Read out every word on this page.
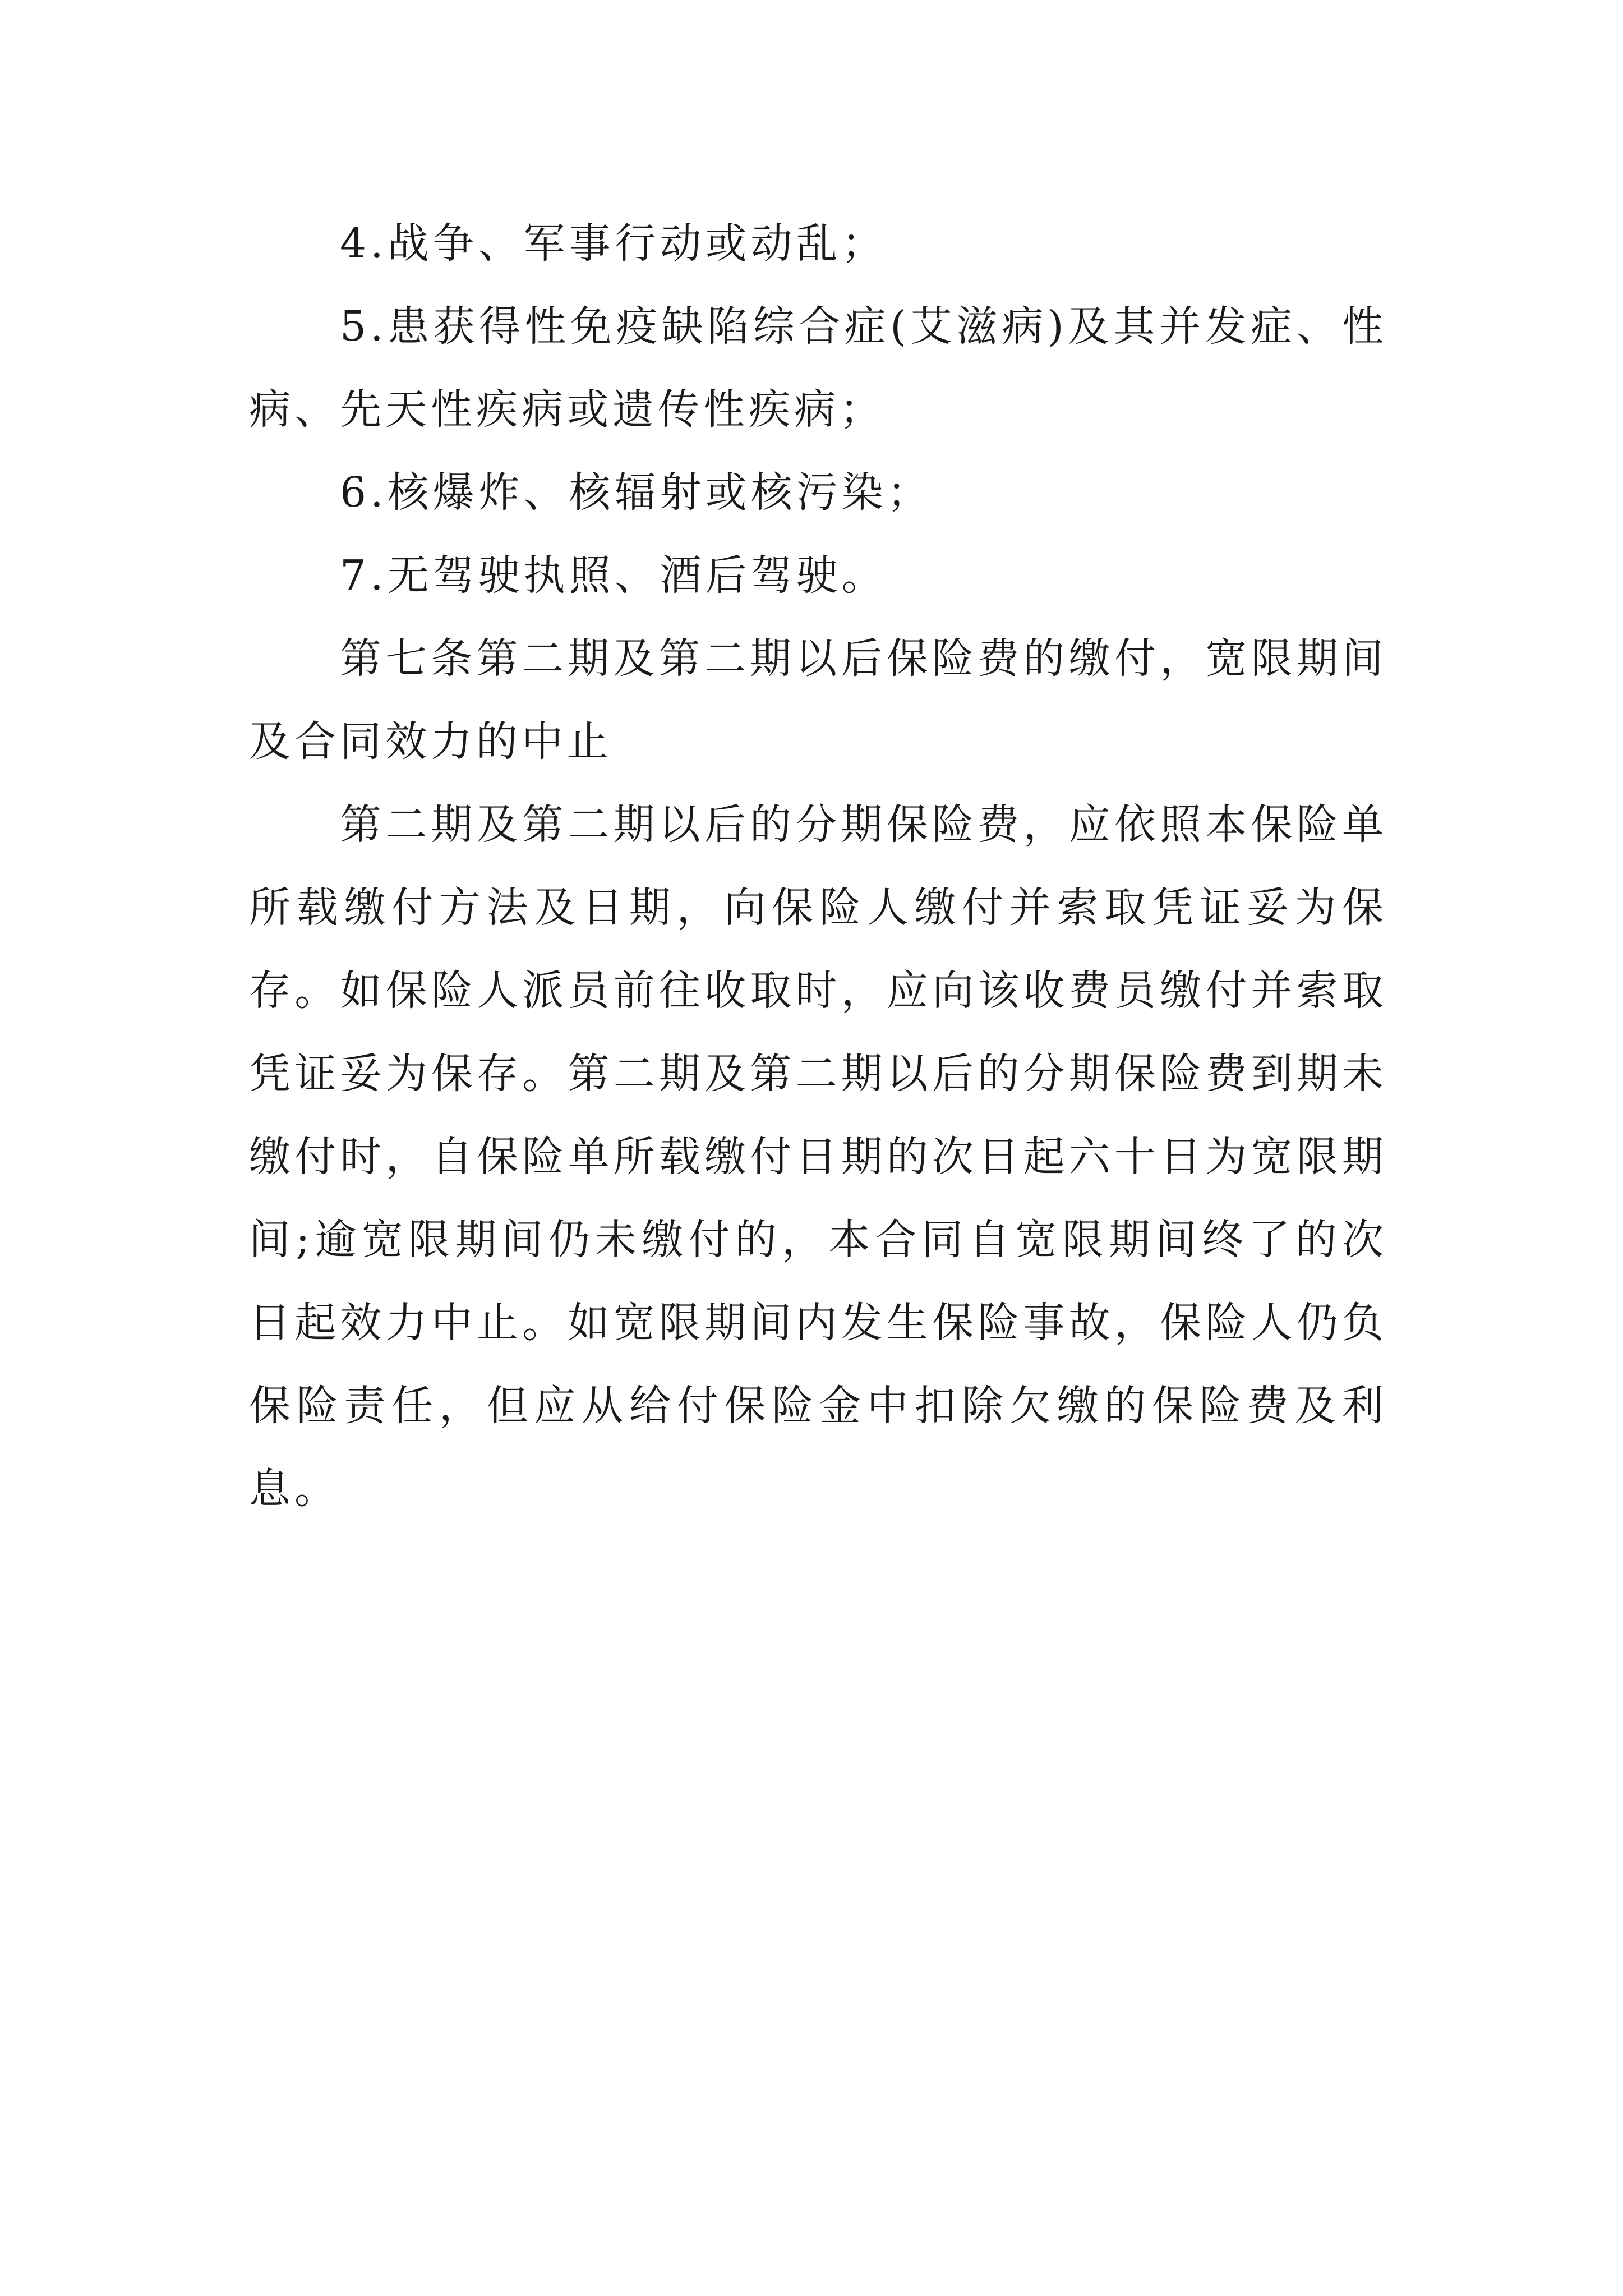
4.战争、军事行动或动乱；

5.患获得性免疫缺陷综合症(艾滋病)及其并发症、性病、先天性疾病或遗传性疾病；

6.核爆炸、核辐射或核污染；

7.无驾驶执照、酒后驾驶。

第七条第二期及第二期以后保险费的缴付，宽限期间及合同效力的中止

第二期及第二期以后的分期保险费，应依照本保险单所载缴付方法及日期，向保险人缴付并索取凭证妥为保存。如保险人派员前往收取时，应向该收费员缴付并索取凭证妥为保存。第二期及第二期以后的分期保险费到期未缴付时，自保险单所载缴付日期的次日起六十日为宽限期间;逾宽限期间仍未缴付的，本合同自宽限期间终了的次日起效力中止。如宽限期间内发生保险事故，保险人仍负保险责任，但应从给付保险金中扣除欠缴的保险费及利息。
